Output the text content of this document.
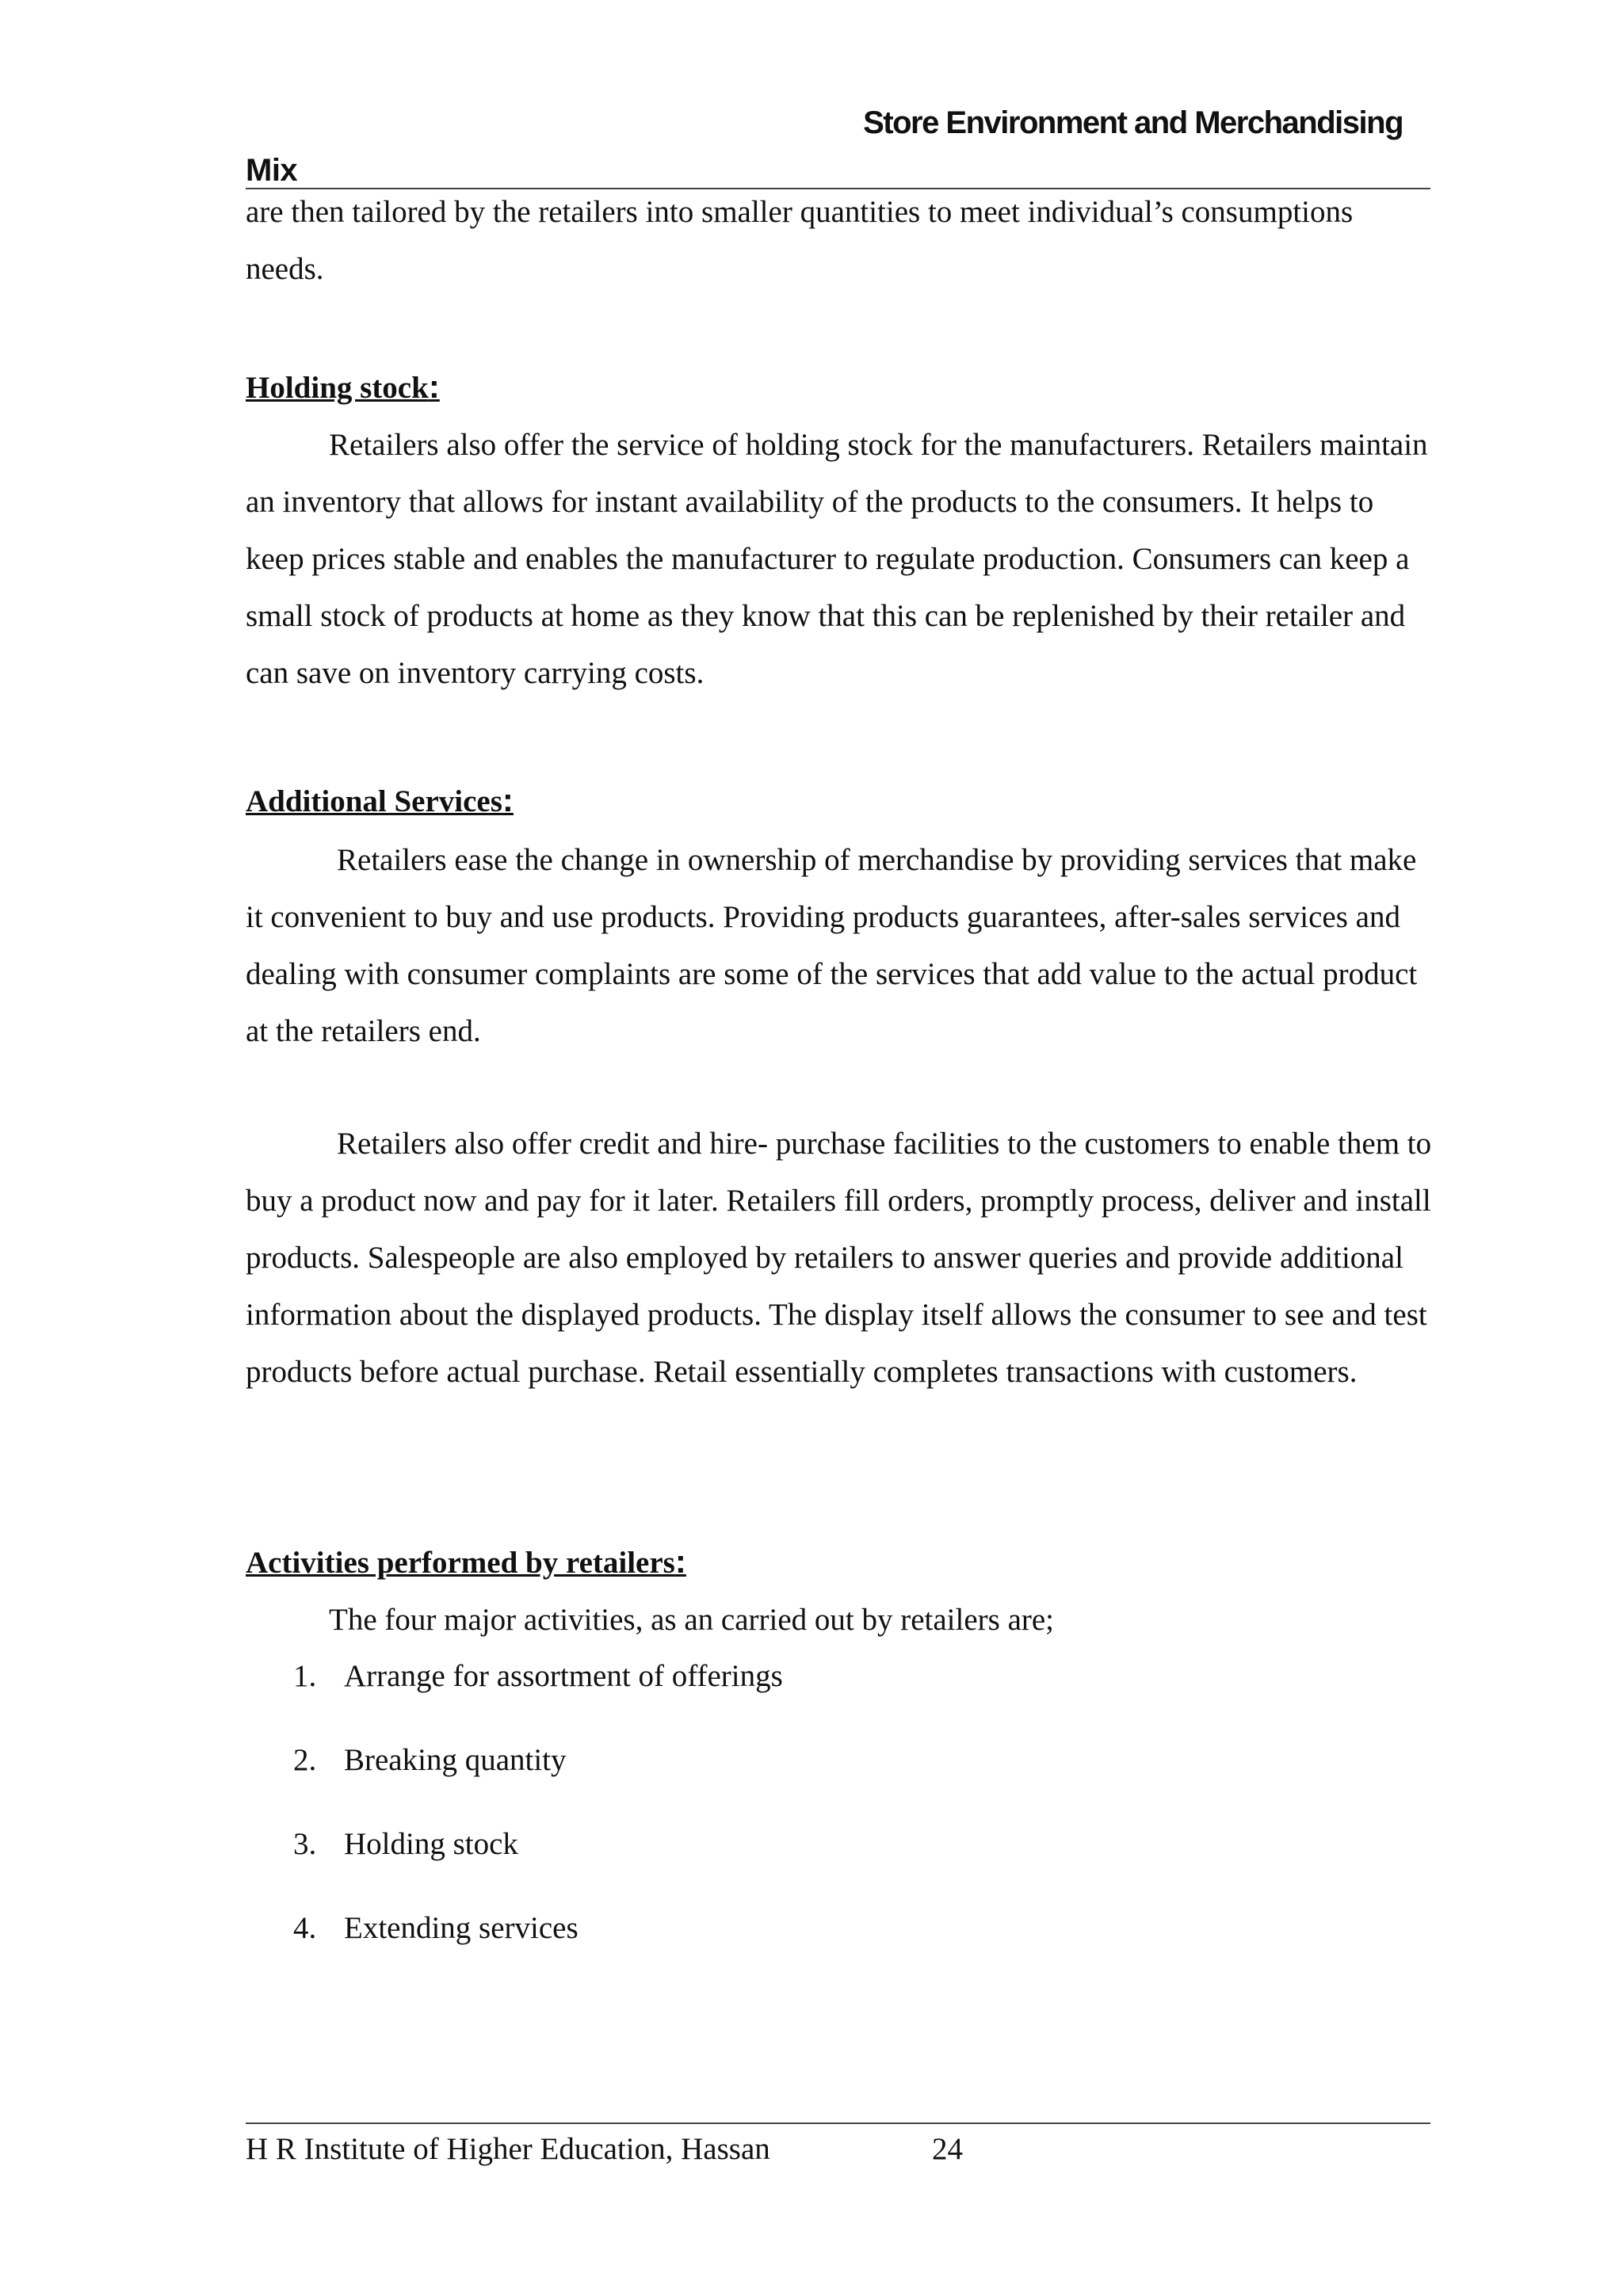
Store Environment and Merchandising
Mix

are then tailored by the retailers into smaller quantities to meet individual’s consumptions needs.

Holding stock:

Retailers also offer the service of holding stock for the manufacturers. Retailers maintain an inventory that allows for instant availability of the products to the consumers. It helps to keep prices stable and enables the manufacturer to regulate production. Consumers can keep a small stock of products at home as they know that this can be replenished by their retailer and can save on inventory carrying costs.

Additional Services:

Retailers ease the change in ownership of merchandise by providing services that make it convenient to buy and use products. Providing products guarantees, after-sales services and dealing with consumer complaints are some of the services that add value to the actual product at the retailers end.

Retailers also offer credit and hire- purchase facilities to the customers to enable them to buy a product now and pay for it later. Retailers fill orders, promptly process, deliver and install products. Salespeople are also employed by retailers to answer queries and provide additional information about the displayed products. The display itself allows the consumer to see and test products before actual purchase. Retail essentially completes transactions with customers.

Activities performed by retailers:

The four major activities, as an carried out by retailers are;

1. Arrange for assortment of offerings
2. Breaking quantity
3. Holding stock
4. Extending services
H R Institute of Higher Education, Hassan	24
